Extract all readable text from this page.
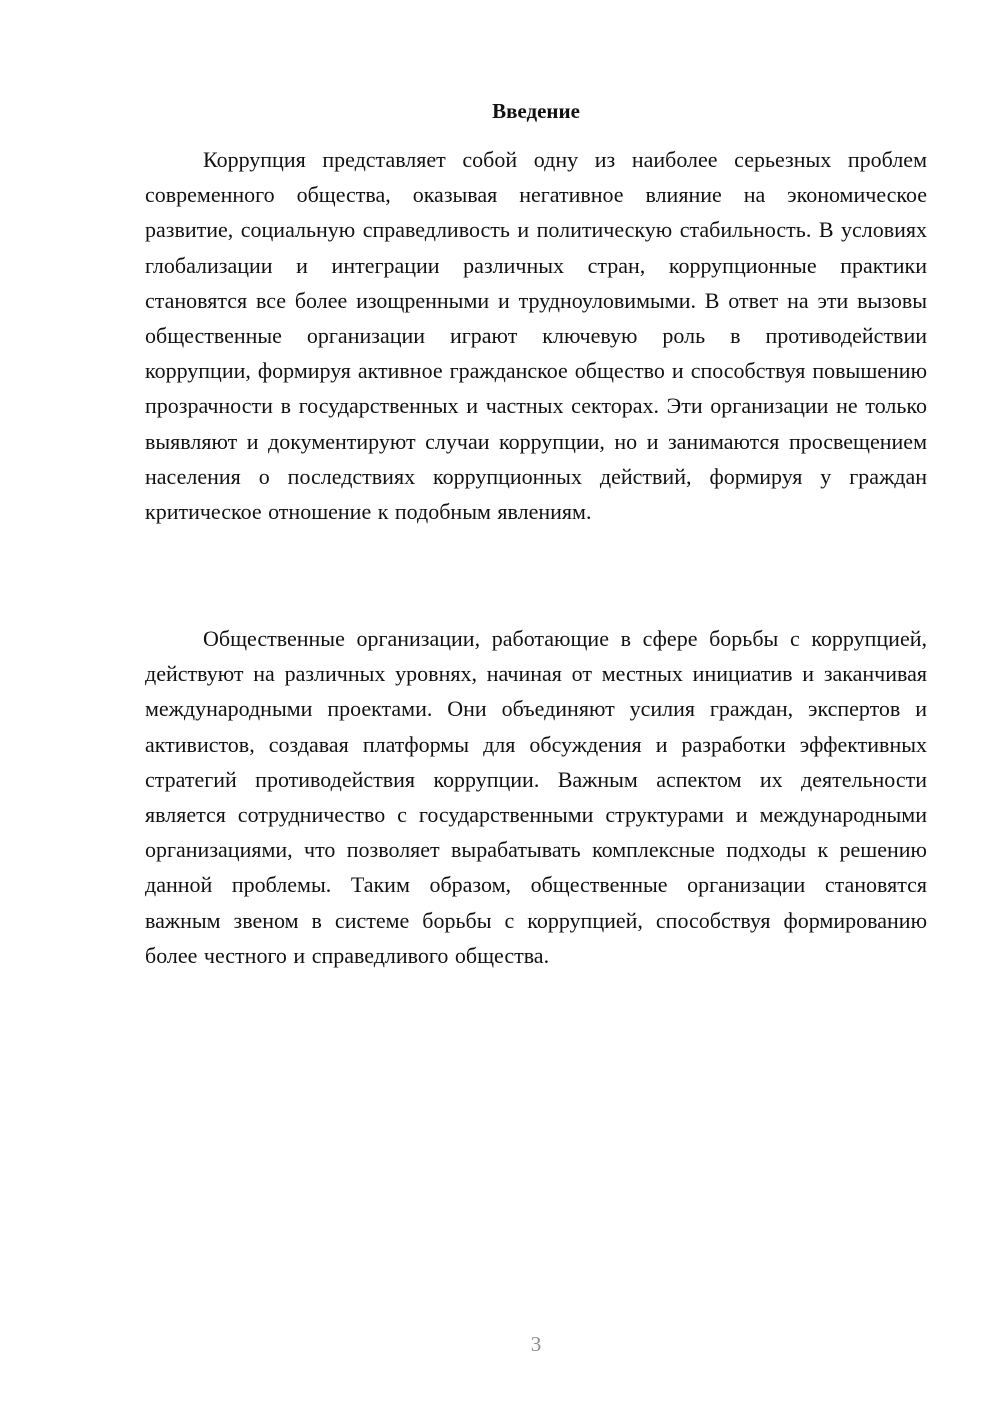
Введение

Коррупция представляет собой одну из наиболее серьезных проблем современного общества, оказывая негативное влияние на экономическое развитие, социальную справедливость и политическую стабильность. В условиях глобализации и интеграции различных стран, коррупционные практики становятся все более изощренными и трудноуловимыми. В ответ на эти вызовы общественные организации играют ключевую роль в противодействии коррупции, формируя активное гражданское общество и способствуя повышению прозрачности в государственных и частных секторах. Эти организации не только выявляют и документируют случаи коррупции, но и занимаются просвещением населения о последствиях коррупционных действий, формируя у граждан критическое отношение к подобным явлениям.

Общественные организации, работающие в сфере борьбы с коррупцией, действуют на различных уровнях, начиная от местных инициатив и заканчивая международными проектами. Они объединяют усилия граждан, экспертов и активистов, создавая платформы для обсуждения и разработки эффективных стратегий противодействия коррупции. Важным аспектом их деятельности является сотрудничество с государственными структурами и международными организациями, что позволяет вырабатывать комплексные подходы к решению данной проблемы. Таким образом, общественные организации становятся важным звеном в системе борьбы с коррупцией, способствуя формированию более честного и справедливого общества.

3
